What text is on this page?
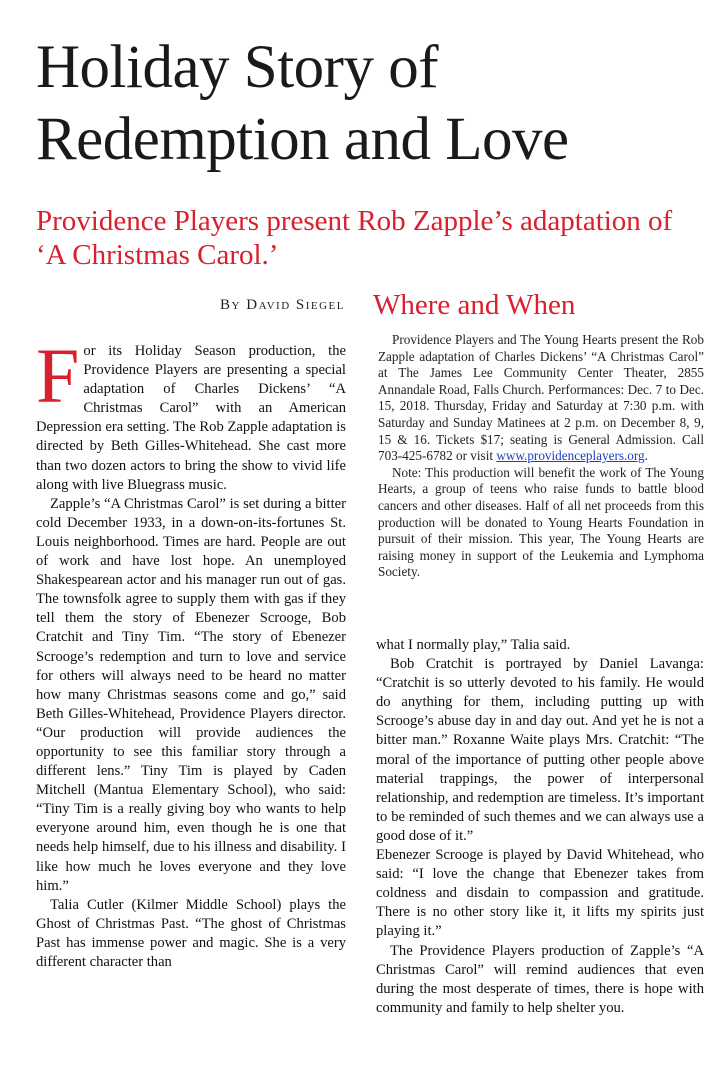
Holiday Story of Redemption and Love
Providence Players present Rob Zapple’s adaptation of ‘A Christmas Carol.’
By David Siegel Where and When

Providence Players and The Young Hearts present the Rob Zapple adaptation of Charles Dickens’ “A Christmas Carol” at The James Lee Community Center Theater, 2855 Annandale Road, Falls Church. Performances: Dec. 7 to Dec. 15, 2018. Thursday, Friday and Saturday at 7:30 p.m. with Saturday and Sunday Matinees at 2 p.m. on December 8, 9, 15 & 16. Tickets $17; seating is General Admission. Call 703-425-6782 or visit www.providenceplayers.org.

Note: This production will benefit the work of The Young Hearts, a group of teens who raise funds to battle blood cancers and other diseases. Half of all net proceeds from this production will be donated to Young Hearts Foundation in pursuit of their mission. This year, The Young Hearts are raising money in support of the Leukemia and Lymphoma Society.

For its Holiday Season production, the Providence Players are presenting a special adaptation of Charles Dickens’ “A Christmas Carol” with an American Depression era setting. The Rob Zapple adaptation is directed by Beth Gilles-Whitehead. She cast more than two dozen actors to bring the show to vivid life along with live Bluegrass music.

Zapple’s “A Christmas Carol” is set during a bitter cold December 1933, in a down-on-its-fortunes St. Louis neighborhood. Times are hard. People are out of work and have lost hope. An unemployed Shakespearean actor and his manager run out of gas. The townsfolk agree to supply them with gas if they tell them the story of Ebenezer Scrooge, Bob Cratchit and Tiny Tim. “The story of Ebenezer Scrooge’s redemption and turn to love and service for others will always need to be heard no matter how many Christmas seasons come and go,” said Beth Gilles-Whitehead, Providence Players director. “Our production will provide audiences the opportunity to see this familiar story through a different lens.” Tiny Tim is played by Caden Mitchell (Mantua Elementary School), who said: “Tiny Tim is a really giving boy who wants to help everyone around him, even though he is one that needs help himself, due to his illness and disability. I like how much he loves everyone and they love him.”

Talia Cutler (Kilmer Middle School) plays the Ghost of Christmas Past. “The ghost of Christmas Past has immense power and magic. She is a very different character than

what I normally play,” Talia said.

Bob Cratchit is portrayed by Daniel Lavanga: “Cratchit is so utterly devoted to his family. He would do anything for them, including putting up with Scrooge’s abuse day in and day out. And yet he is not a bitter man.” Roxanne Waite plays Mrs. Cratchit: “The moral of the importance of putting other people above material trappings, the power of interpersonal relationship, and redemption are timeless. It’s important to be reminded of such themes and we can always use a good dose of it.”

Ebenezer Scrooge is played by David Whitehead, who said: “I love the change that Ebenezer takes from coldness and disdain to compassion and gratitude. There is no other story like it, it lifts my spirits just playing it.”

The Providence Players production of Zapple’s “A Christmas Carol” will remind audiences that even during the most desperate of times, there is hope with community and family to help shelter you.
